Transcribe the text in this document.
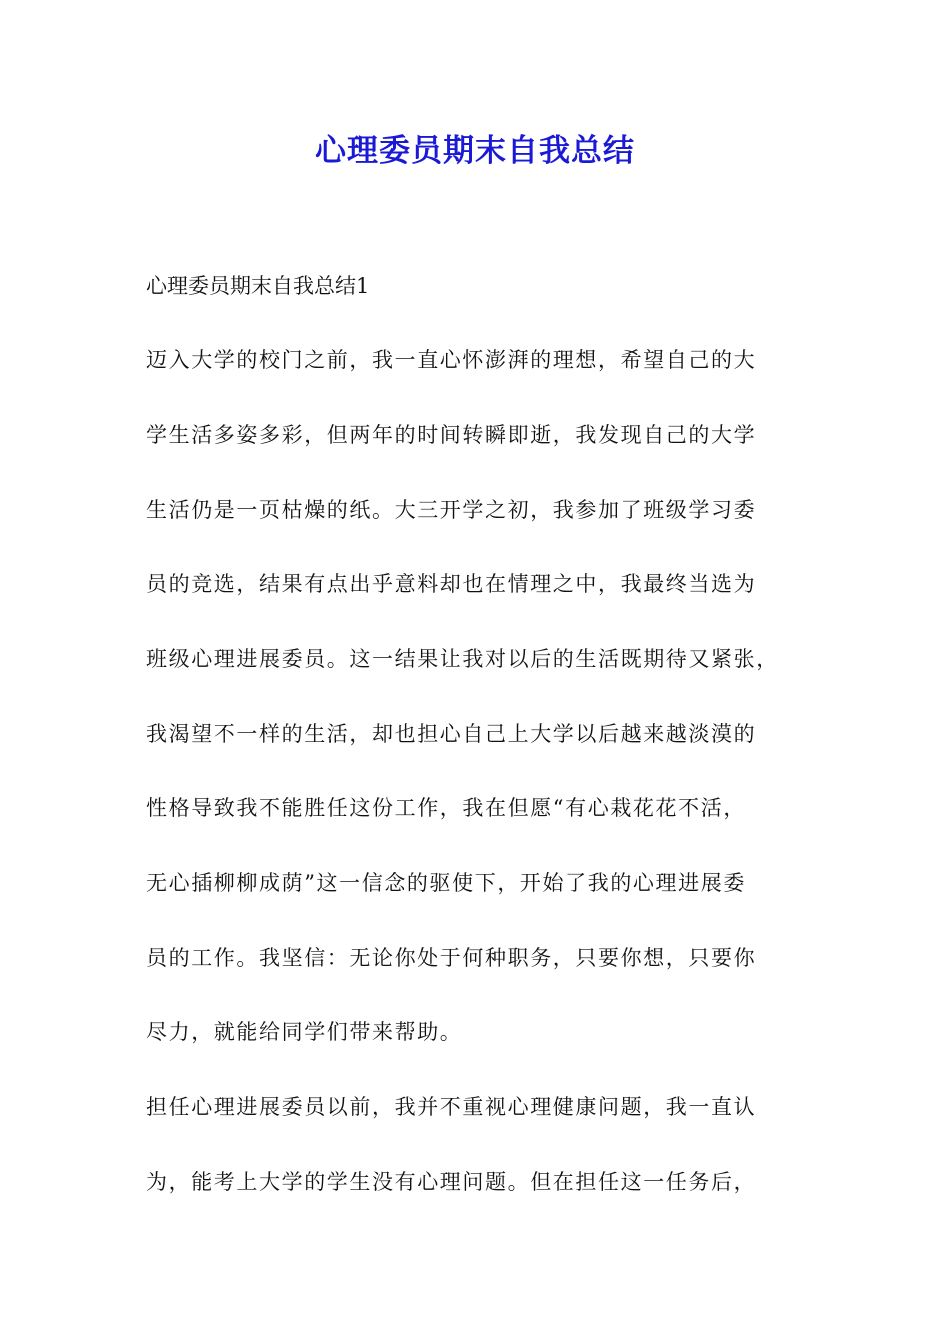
心理委员期末自我总结

心理委员期末自我总结1

迈入大学的校门之前，我一直心怀澎湃的理想，希望自己的大

学生活多姿多彩，但两年的时间转瞬即逝，我发现自己的大学

生活仍是一页枯燥的纸。大三开学之初，我参加了班级学习委

员的竞选，结果有点出乎意料却也在情理之中，我最终当选为

班级心理进展委员。这一结果让我对以后的生活既期待又紧张，

我渴望不一样的生活，却也担心自己上大学以后越来越淡漠的

性格导致我不能胜任这份工作，我在但愿“有心栽花花不活，

无心插柳柳成荫”这一信念的驱使下，开始了我的心理进展委

员的工作。我坚信：无论你处于何种职务，只要你想，只要你

尽力，就能给同学们带来帮助。

担任心理进展委员以前，我并不重视心理健康问题，我一直认

为，能考上大学的学生没有心理问题。但在担任这一任务后，
